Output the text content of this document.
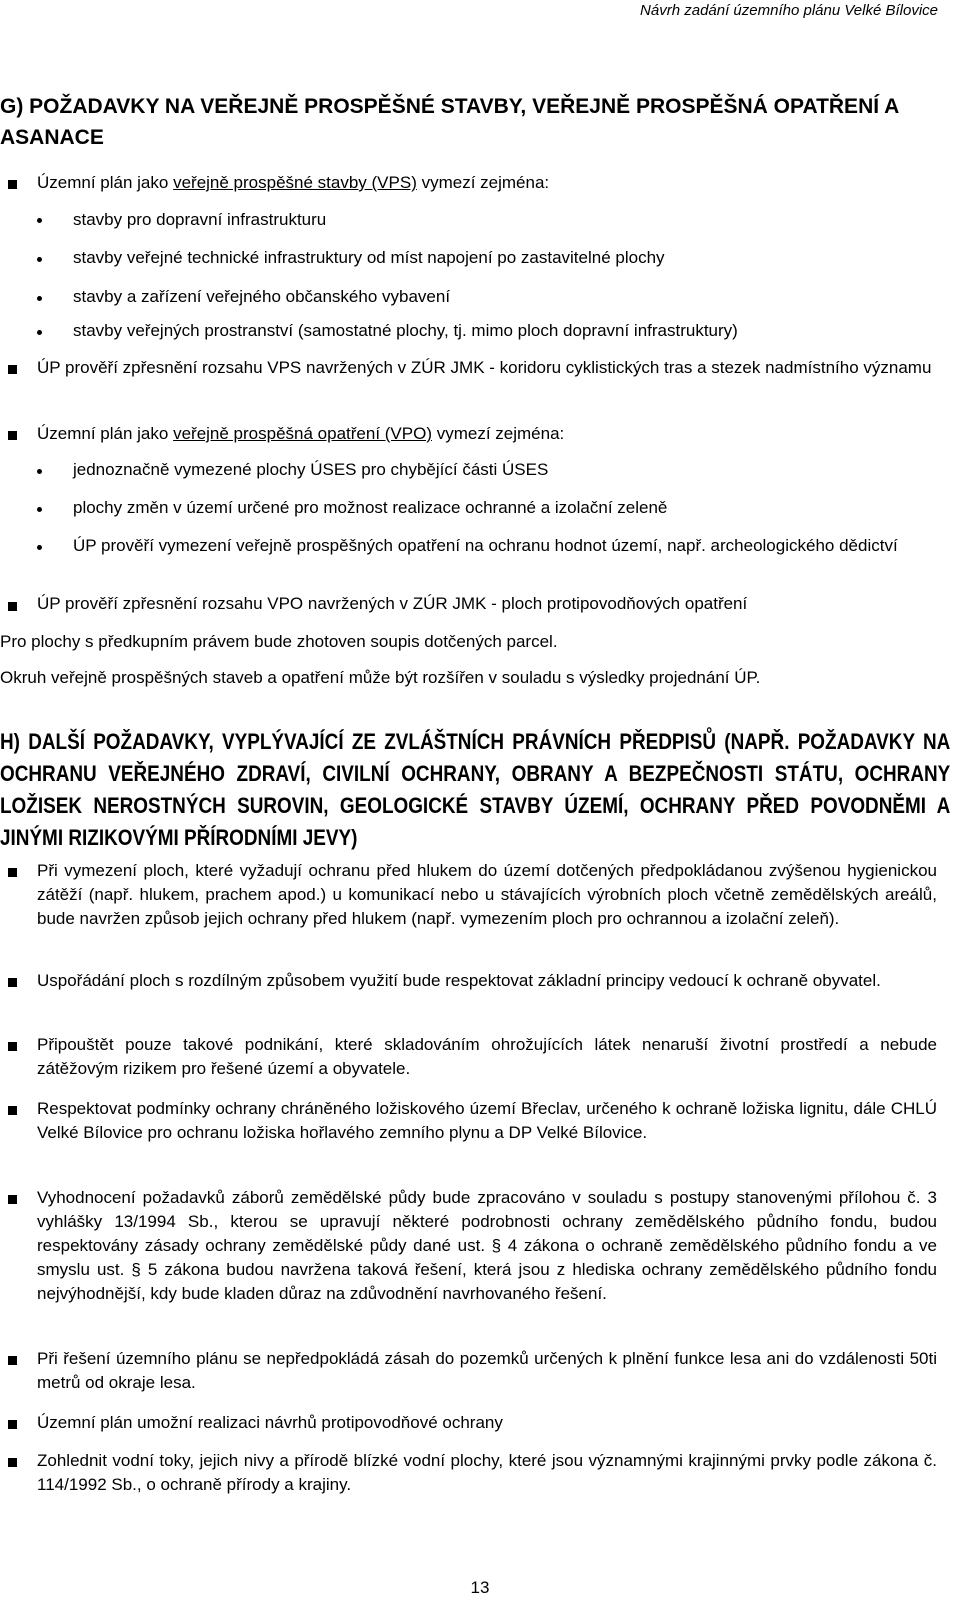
Návrh zadání územního plánu Velké Bílovice
G) POŽADAVKY NA VEŘEJNĚ PROSPĚŠNÉ STAVBY, VEŘEJNĚ PROSPĚŠNÁ OPATŘENÍ A ASANACE
Územní plán jako veřejně prospěšné stavby (VPS) vymezí zejména:
stavby pro dopravní infrastrukturu
stavby veřejné technické infrastruktury od míst napojení po zastavitelné plochy
stavby a zařízení veřejného občanského vybavení
stavby veřejných prostranství (samostatné plochy, tj. mimo ploch dopravní infrastruktury)
ÚP prověří zpřesnění rozsahu VPS navržených v ZÚR JMK - koridoru cyklistických tras a stezek nadmístního významu
Územní plán jako veřejně prospěšná opatření (VPO) vymezí zejména:
jednoznačně vymezené plochy ÚSES pro chybějící části ÚSES
plochy změn v území určené pro možnost realizace ochranné a izolační zeleně
ÚP prověří vymezení veřejně prospěšných opatření na ochranu hodnot území, např. archeologického dědictví
ÚP prověří zpřesnění rozsahu VPO navržených v ZÚR JMK - ploch protipovodňových opatření
Pro plochy s předkupním právem bude zhotoven soupis dotčených parcel.
Okruh veřejně prospěšných staveb a opatření může být rozšířen v souladu s výsledky projednání ÚP.
H) DALŠÍ POŽADAVKY, VYPLÝVAJÍCÍ ZE ZVLÁŠTNÍCH PRÁVNÍCH PŘEDPISŮ (NAPŘ. POŽADAVKY NA OCHRANU VEŘEJNÉHO ZDRAVÍ, CIVILNÍ OCHRANY, OBRANY A BEZPEČNOSTI STÁTU, OCHRANY LOŽISEK NEROSTNÝCH SUROVIN, GEOLOGICKÉ STAVBY ÚZEMÍ, OCHRANY PŘED POVODNĚMI A JINÝMI RIZIKOVÝMI PŘÍRODNÍMI JEVY)
Při vymezení ploch, které vyžadují ochranu před hlukem do území dotčených předpokládanou zvýšenou hygienickou zátěží (např. hlukem, prachem apod.) u komunikací nebo u stávajících výrobních ploch včetně zemědělských areálů, bude navržen způsob jejich ochrany před hlukem (např. vymezením ploch pro ochrannou a izolační zeleň).
Uspořádání ploch s rozdílným způsobem využití bude respektovat základní principy vedoucí k ochraně obyvatel.
Připouštět pouze takové podnikání, které skladováním ohrožujících látek nenaruší životní prostředí a nebude zátěžovým rizikem pro řešené území a obyvatele.
Respektovat podmínky ochrany chráněného ložiskového území Břeclav, určeného k ochraně ložiska lignitu, dále CHLÚ Velké Bílovice pro ochranu ložiska hořlavého zemního plynu a DP Velké Bílovice.
Vyhodnocení požadavků záborů zemědělské půdy bude zpracováno v souladu s postupy stanovenými přílohou č. 3 vyhlášky 13/1994 Sb., kterou se upravují některé podrobnosti ochrany zemědělského půdního fondu, budou respektovány zásady ochrany zemědělské půdy dané ust. § 4 zákona o ochraně zemědělského půdního fondu a ve smyslu ust. § 5 zákona budou navržena taková řešení, která jsou z hlediska ochrany zemědělského půdního fondu nejvýhodnější, kdy bude kladen důraz na zdůvodnění navrhovaného řešení.
Při řešení územního plánu se nepředpokládá zásah do pozemků určených k plnění funkce lesa ani do vzdálenosti 50ti metrů od okraje lesa.
Územní plán umožní realizaci návrhů protipovodňové ochrany
Zohlednit vodní toky, jejich nivy a přírodě blízké vodní plochy, které jsou významnými krajinnými prvky podle zákona č. 114/1992 Sb., o ochraně přírody a krajiny.
13
